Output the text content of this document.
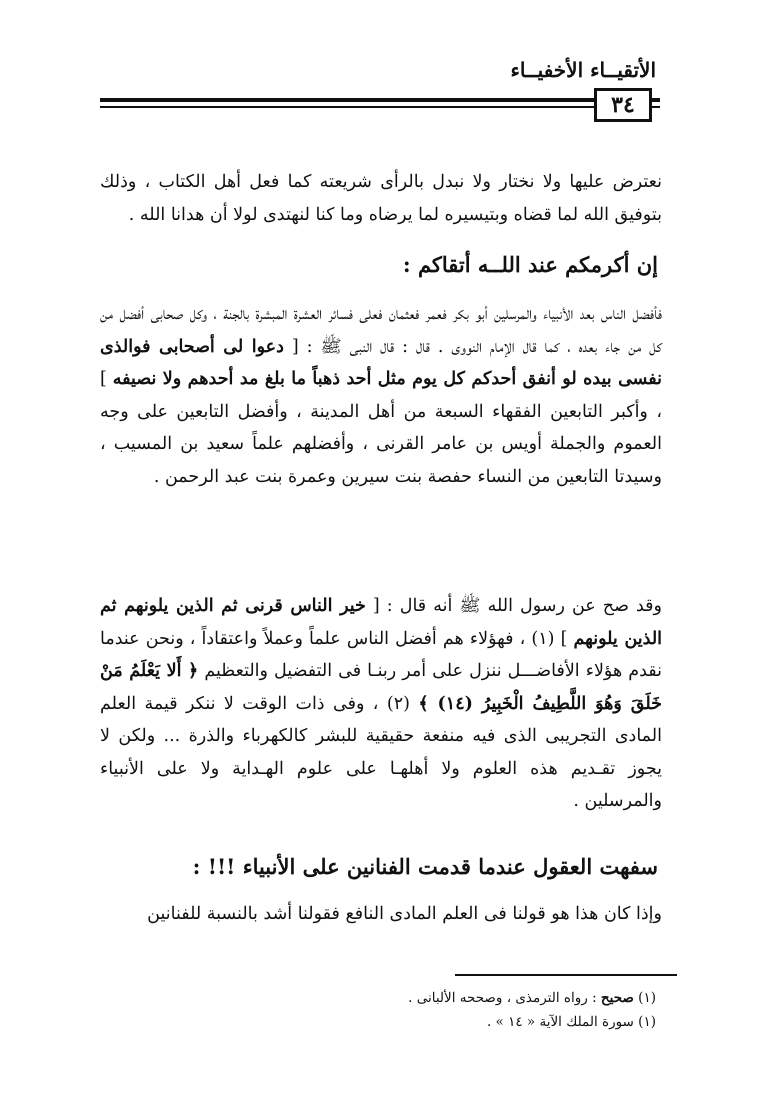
الأتقيــاء الأخفيــاء
٣٤
نعترض عليها ولا نختار ولا نبدل بالرأى شريعته كما فعل أهل الكتاب ، وذلك بتوفيق الله لما قضاه وبتيسيره لما يرضاه وما كنا لنهتدى لولا أن هدانا الله .
إن أكرمكم عند اللــه أتقاكم :
فأفضل الناس بعد الأنبياء والمرسلين أبو بكر فعمر فعثمان فعلى فسائر العشرة المبشرة بالجنة ، وكل صحابى أفضل من كل من جاء بعده ، كما قال الإمام النووى . قال : قال النبى ﷺ : [ دعوا لى أصحابى فوالذى نفسى بيده لو أنفق أحدكم كل يوم مثل أحد ذهباً ما بلغ مد أحدهم ولا نصيفه ] ، وأكبر التابعين الفقهاء السبعة من أهل المدينة ، وأفضل التابعين على وجه العموم والجملة أويس بن عامر القرنى ، وأفضلهم علماً سعيد بن المسيب ، وسيدتا التابعين من النساء حفصة بنت سيرين وعمرة بنت عبد الرحمن .
وقد صح عن رسول الله ﷺ أنه قال : [ خير الناس قرنى ثم الذين يلونهم ثم الذين يلونهم ] (١) ، فهؤلاء هم أفضل الناس علماً وعملاً واعتقاداً ، ونحن عندما نقدم هؤلاء الأفاضـــل ننزل على أمر ربنـا فى التفضيل والتعظيم ﴿ أَلا يَعْلَمُ مَنْ خَلَقَ وَهُوَ اللَّطِيفُ الْخَبِيرُ (١٤) ﴾ (٢) ، وفى ذات الوقت لا ننكر قيمة العلم المادى التجريبى الذى فيه منفعة حقيقية للبشر كالكهرباء والذرة ... ولكن لا يجوز تقـديم هذه العلوم ولا أهلهـا على علوم الهـداية ولا على الأنبياء والمرسلين .
سفهت العقول عندما قدمت الفنانين على الأنبياء !!! :
وإذا كان هذا هو قولنا فى العلم المادى النافع فقولنا أشد بالنسبة للفنانين
(١) صحيح : رواه الترمذى ، وصححه الألبانى .
(١) سورة الملك الآية « ١٤ » .
